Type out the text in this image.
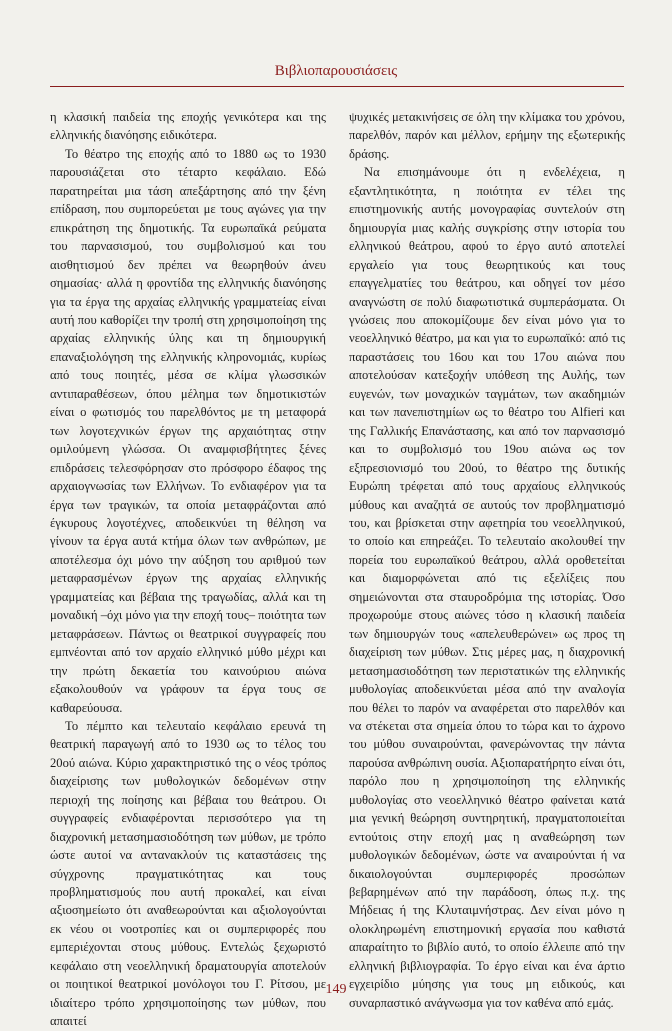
Βιβλιοπαρουσιάσεις

η κλασική παιδεία της εποχής γενικότερα και της ελληνικής διανόησης ειδικότερα.

Το θέατρο της εποχής από το 1880 ως το 1930 παρουσιάζεται στο τέταρτο κεφάλαιο. Εδώ παρατηρείται μια τάση απεξάρτησης από την ξένη επίδραση, που συμπορεύεται με τους αγώνες για την επικράτηση της δημοτικής. Τα ευρωπαϊκά ρεύματα του παρνασισμού, του συμβολισμού και του αισθητισμού δεν πρέπει να θεωρηθούν άνευ σημασίας· αλλά η φροντίδα της ελληνικής διανόησης για τα έργα της αρχαίας ελληνικής γραμματείας είναι αυτή που καθορίζει την τροπή στη χρησιμοποίηση της αρχαίας ελληνικής ύλης και τη δημιουργική επαναξιολόγηση της ελληνικής κληρονομιάς, κυρίως από τους ποιητές, μέσα σε κλίμα γλωσσικών αντιπαραθέσεων, όπου μέλημα των δημοτικιστών είναι ο φωτισμός του παρελθόντος με τη μεταφορά των λογοτεχνικών έργων της αρχαιότητας στην ομιλούμενη γλώσσα. Οι αναμφισβήτητες ξένες επιδράσεις τελεσφόρησαν στο πρόσφορο έδαφος της αρχαιογνωσίας των Ελλήνων. Το ενδιαφέρον για τα έργα των τραγικών, τα οποία μεταφράζονται από έγκυρους λογοτέχνες, αποδεικνύει τη θέληση να γίνουν τα έργα αυτά κτήμα όλων των ανθρώπων, με αποτέλεσμα όχι μόνο την αύξηση του αριθμού των μεταφρασμένων έργων της αρχαίας ελληνικής γραμματείας και βέβαια της τραγωδίας, αλλά και τη μοναδική –όχι μόνο για την εποχή τους– ποιότητα των μεταφράσεων. Πάντως οι θεατρικοί συγγραφείς που εμπνέονται από τον αρχαίο ελληνικό μύθο μέχρι και την πρώτη δεκαετία του καινούριου αιώνα εξακολουθούν να γράφουν τα έργα τους σε καθαρεύουσα.

Το πέμπτο και τελευταίο κεφάλαιο ερευνά τη θεατρική παραγωγή από το 1930 ως το τέλος του 20ού αιώνα. Κύριο χαρακτηριστικό της ο νέος τρόπος διαχείρισης των μυθολογικών δεδομένων στην περιοχή της ποίησης και βέβαια του θεάτρου. Οι συγγραφείς ενδιαφέρονται περισσότερο για τη διαχρονική μετασημασιοδότηση των μύθων, με τρόπο ώστε αυτοί να αντανακλούν τις καταστάσεις της σύγχρονης πραγματικότητας και τους προβληματισμούς που αυτή προκαλεί, και είναι αξιοσημείωτο ότι αναθεωρούνται και αξιολογούνται εκ νέου οι νοοτροπίες και οι συμπεριφορές που εμπεριέχονται στους μύθους. Εντελώς ξεχωριστό κεφάλαιο στη νεοελληνική δραματουργία αποτελούν οι ποιητικοί θεατρικοί μονόλογοι του Γ. Ρίτσου, με ιδιαίτερο τρόπο χρησιμοποίησης των μύθων, που απαιτεί

ψυχικές μετακινήσεις σε όλη την κλίμακα του χρόνου, παρελθόν, παρόν και μέλλον, ερήμην της εξωτερικής δράσης.

Να επισημάνουμε ότι η ενδελέχεια, η εξαντλητικότητα, η ποιότητα εν τέλει της επιστημονικής αυτής μονογραφίας συντελούν στη δημιουργία μιας καλής συγκρίσης στην ιστορία του ελληνικού θεάτρου, αφού το έργο αυτό αποτελεί εργαλείο για τους θεωρητικούς και τους επαγγελματίες του θεάτρου, και οδηγεί τον μέσο αναγνώστη σε πολύ διαφωτιστικά συμπεράσματα. Οι γνώσεις που αποκομίζουμε δεν είναι μόνο για το νεοελληνικό θέατρο, μα και για το ευρωπαϊκό: από τις παραστάσεις του 16ου και του 17ου αιώνα που αποτελούσαν κατεξοχήν υπόθεση της Αυλής, των ευγενών, των μοναχικών ταγμάτων, των ακαδημιών και των πανεπιστημίων ως το θέατρο του Alfieri και της Γαλλικής Επανάστασης, και από τον παρνασισμό και το συμβολισμό του 19ου αιώνα ως τον εξπρεσιονισμό του 20ού, το θέατρο της δυτικής Ευρώπη τρέφεται από τους αρχαίους ελληνικούς μύθους και αναζητά σε αυτούς τον προβληματισμό του, και βρίσκεται στην αφετηρία του νεοελληνικού, το οποίο και επηρεάζει. Το τελευταίο ακολουθεί την πορεία του ευρωπαϊκού θεάτρου, αλλά οροθετείται και διαμορφώνεται από τις εξελίξεις που σημειώνονται στα σταυροδρόμια της ιστορίας. Όσο προχωρούμε στους αιώνες τόσο η κλασική παιδεία των δημιουργών τους «απελευθερώνει» ως προς τη διαχείριση των μύθων. Στις μέρες μας, η διαχρονική μετασημασιοδότηση των περιστατικών της ελληνικής μυθολογίας αποδεικνύεται μέσα από την αναλογία που θέλει το παρόν να αναφέρεται στο παρελθόν και να στέκεται στα σημεία όπου το τώρα και το άχρονο του μύθου συναιρούνται, φανερώνοντας την πάντα παρούσα ανθρώπινη ουσία. Αξιοπαρατήρητο είναι ότι, παρόλο που η χρησιμοποίηση της ελληνικής μυθολογίας στο νεοελληνικό θέατρο φαίνεται κατά μια γενική θεώρηση συντηρητική, πραγματοποιείται εντούτοις στην εποχή μας η αναθεώρηση των μυθολογικών δεδομένων, ώστε να αναιρούνται ή να δικαιολογούνται συμπεριφορές προσώπων βεβαρημένων από την παράδοση, όπως π.χ. της Μήδειας ή της Κλυταιμνήστρας. Δεν είναι μόνο η ολοκληρωμένη επιστημονική εργασία που καθιστά απαραίτητο το βιβλίο αυτό, το οποίο έλλειπε από την ελληνική βιβλιογραφία. Το έργο είναι και ένα άρτιο εγχειρίδιο μύησης για τους μη ειδικούς, και συναρπαστικό ανάγνωσμα για τον καθένα από εμάς.

149
